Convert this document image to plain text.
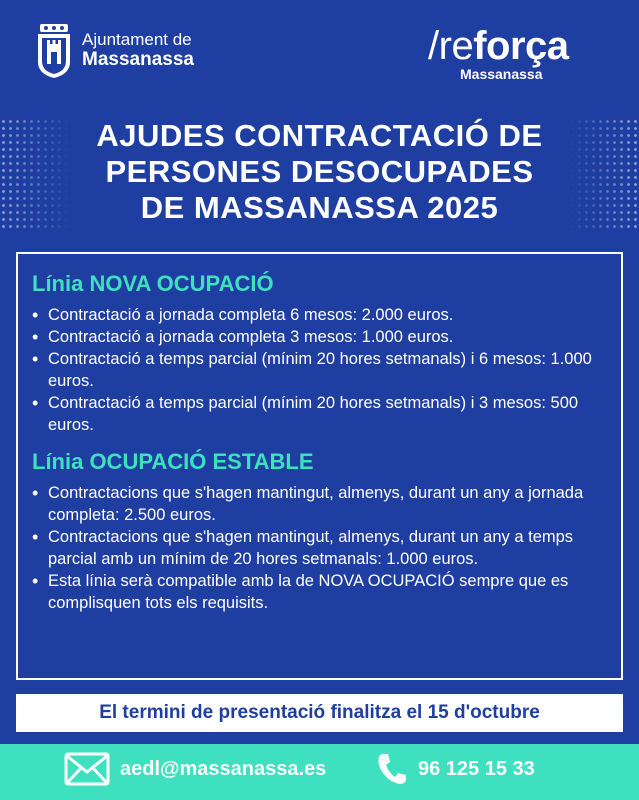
Ajuntament de
Massanassa	/reforça
Massanassa
AJUDES CONTRACTACIÓ DE
PERSONES DESOCUPADES
DE MASSANASSA 2025
Línia NOVA OCUPACIÓ
• Contractació a jornada completa 6 mesos: 2.000 euros.
• Contractació a jornada completa 3 mesos: 1.000 euros.
• Contractació a temps parcial (mínim 20 hores setmanals) i 6 mesos: 1.000 euros.
• Contractació a temps parcial (mínim 20 hores setmanals) i 3 mesos: 500 euros.
Línia OCUPACIÓ ESTABLE
• Contractacions que s'hagen mantingut, almenys, durant un any a jornada completa: 2.500 euros.
• Contractacions que s'hagen mantingut, almenys, durant un any a temps parcial amb un mínim de 20 hores setmanals: 1.000 euros.
• Esta línia serà compatible amb la de NOVA OCUPACIÓ sempre que es complisquen tots els requisits.
El termini de presentació finalitza el 15 d'octubre
aedl@massanassa.es	96 125 15 33
